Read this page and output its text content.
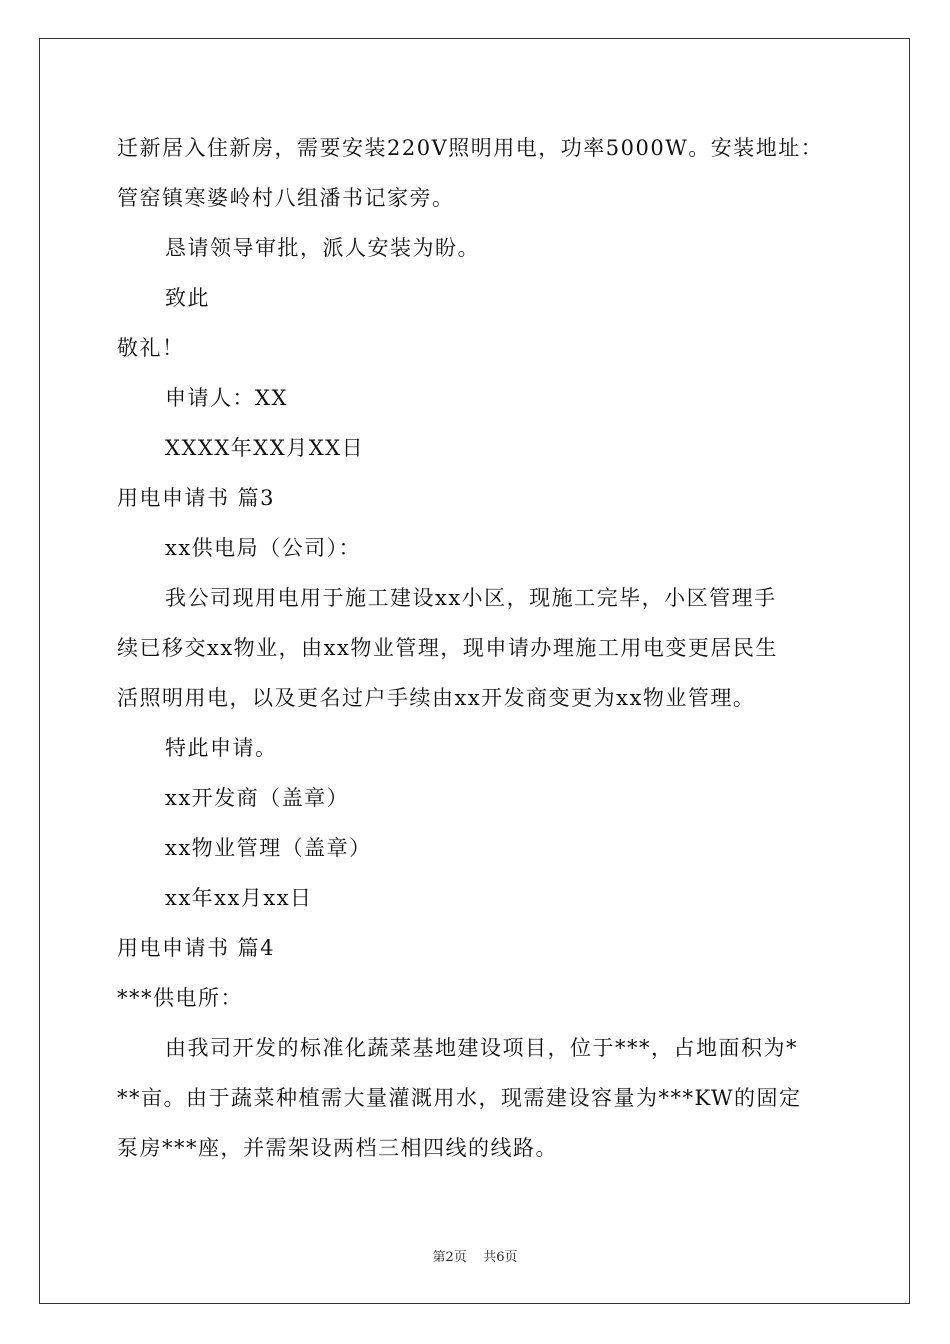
迁新居入住新房，需要安装220V照明用电，功率5000W。安装地址：
管窑镇寒婆岭村八组潘书记家旁。
恳请领导审批，派人安装为盼。
致此
敬礼！
申请人：XX
XXXX年XX月XX日
用电申请书 篇3
xx供电局（公司）：
我公司现用电用于施工建设xx小区，现施工完毕，小区管理手
续已移交xx物业，由xx物业管理，现申请办理施工用电变更居民生
活照明用电，以及更名过户手续由xx开发商变更为xx物业管理。
特此申请。
xx开发商（盖章）
xx物业管理（盖章）
xx年xx月xx日
用电申请书 篇4
***供电所：
由我司开发的标准化蔬菜基地建设项目，位于***，占地面积为*
**亩。由于蔬菜种植需大量灌溉用水，现需建设容量为***KW的固定
泵房***座，并需架设两档三相四线的线路。
第2页 共6页
